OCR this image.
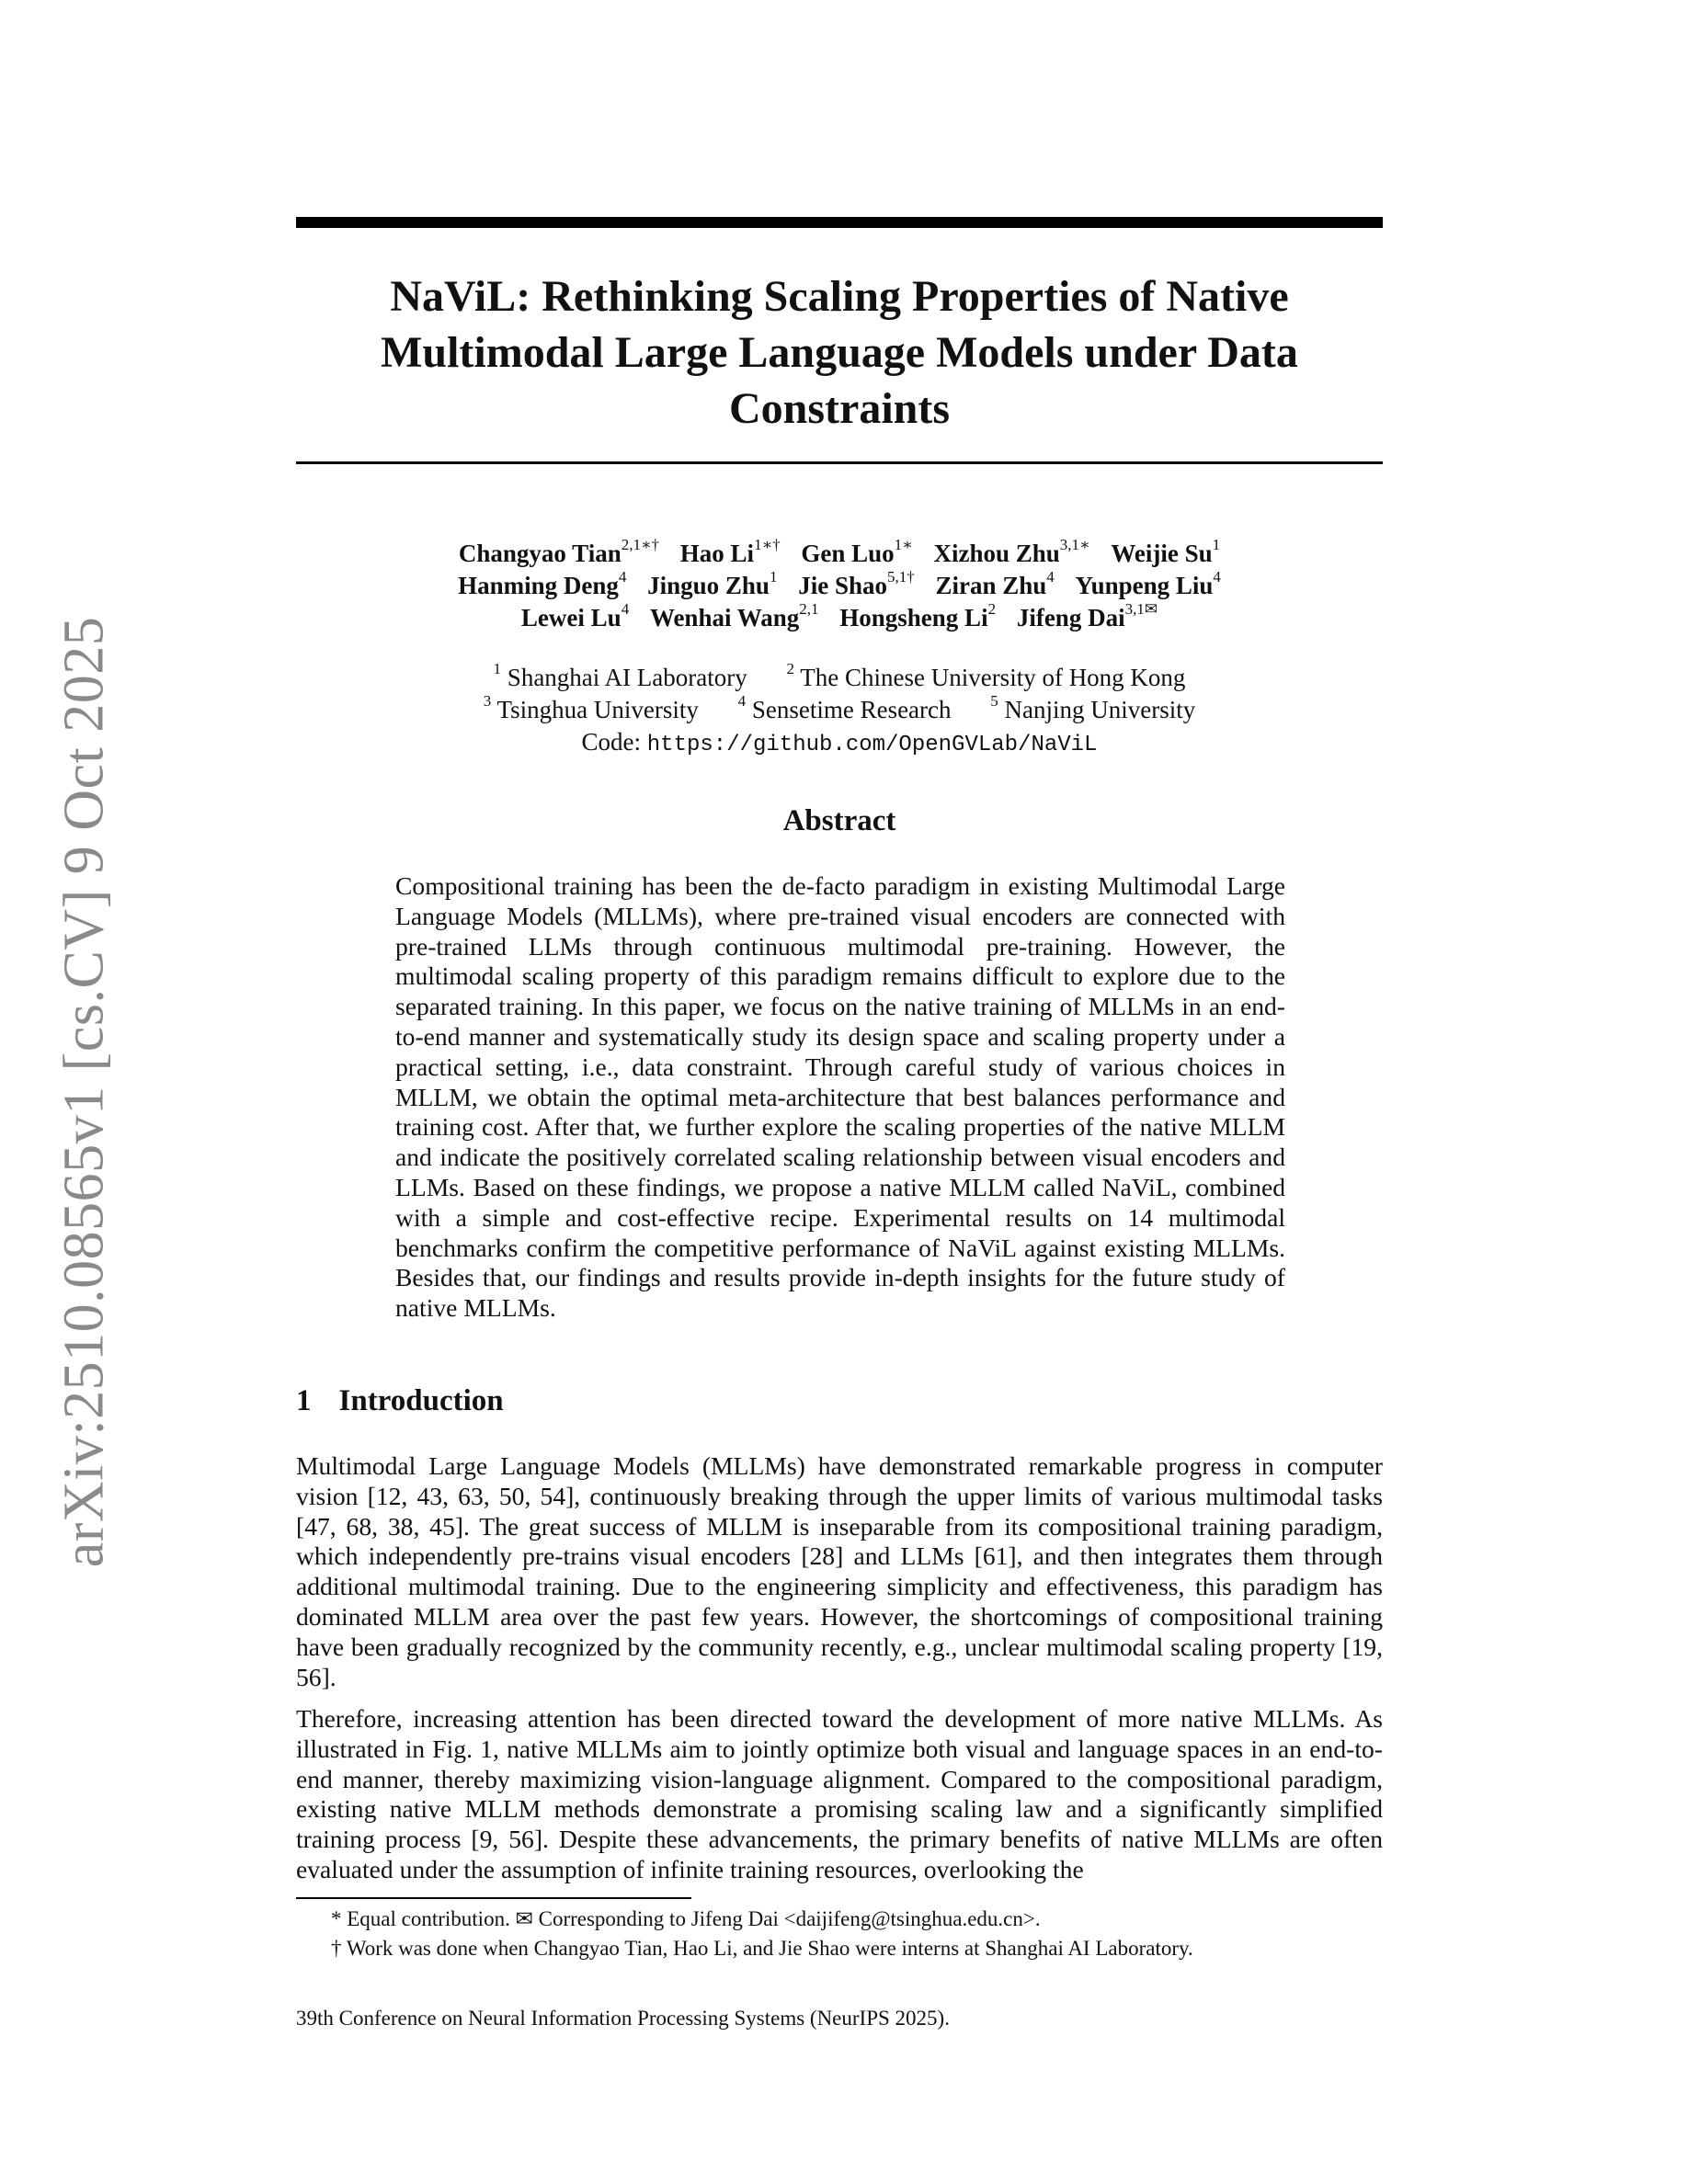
arXiv:2510.08565v1 [cs.CV] 9 Oct 2025
NaViL: Rethinking Scaling Properties of Native Multimodal Large Language Models under Data Constraints
Changyao Tian$^{2,1∗\dagger}$ Hao $Li^{1∗\dagger}$ Gen Luo$^{1∗}$ Xizhou Zhu$^{3,1∗}$ Weijie Su$^1$
Hanming Deng$^4$ Jinguo Zhu$^1$ Jie Shao$^{5,1\dagger}$ Ziran Zhu$^4$ Yunpeng Liu$^4$
Lewei Lu$^4$ Wenhai Wang$^{2,1}$ Hongsheng Li$^2$ Jifeng Dai$^{3,1✉}$
$^1$ Shanghai AI Laboratory	$^2$ The Chinese University of Hong Kong
$^3$ Tsinghua University	$^4$ Sensetime Research	$^5$ Nanjing University
Code: https://github.com/OpenGVLab/NaViL
Abstract

Compositional training has been the de-facto paradigm in existing Multimodal Large Language Models (MLLMs), where pre-trained visual encoders are connected with pre-trained LLMs through continuous multimodal pre-training. However, the multimodal scaling property of this paradigm remains difficult to explore due to the separated training. In this paper, we focus on the native training of MLLMs in an end-to-end manner and systematically study its design space and scaling property under a practical setting, i.e., data constraint. Through careful study of various choices in MLLM, we obtain the optimal meta-architecture that best balances performance and training cost. After that, we further explore the scaling properties of the native MLLM and indicate the positively correlated scaling relationship between visual encoders and LLMs. Based on these findings, we propose a native MLLM called NaViL, combined with a simple and cost-effective recipe. Experimental results on 14 multimodal benchmarks confirm the competitive performance of NaViL against existing MLLMs. Besides that, our findings and results provide in-depth insights for the future study of native MLLMs.

1 Introduction

Multimodal Large Language Models (MLLMs) have demonstrated remarkable progress in computer vision [12, 43, 63, 50, 54], continuously breaking through the upper limits of various multimodal tasks [47, 68, 38, 45]. The great success of MLLM is inseparable from its compositional training paradigm, which independently pre-trains visual encoders [28] and LLMs [61], and then integrates them through additional multimodal training. Due to the engineering simplicity and effectiveness, this paradigm has dominated MLLM area over the past few years. However, the shortcomings of compositional training have been gradually recognized by the community recently, e.g., unclear multimodal scaling property [19, 56].

Therefore, increasing attention has been directed toward the development of more native MLLMs. As illustrated in Fig. 1, native MLLMs aim to jointly optimize both visual and language spaces in an end-to-end manner, thereby maximizing vision-language alignment. Compared to the compositional paradigm, existing native MLLM methods demonstrate a promising scaling law and a significantly simplified training process [9, 56]. Despite these advancements, the primary benefits of native MLLMs are often evaluated under the assumption of infinite training resources, overlooking the

* Equal contribution. ✉ Corresponding to Jifeng Dai <daijifeng@tsinghua.edu.cn>.
† Work was done when Changyao Tian, Hao Li, and Jie Shao were interns at Shanghai AI Laboratory.
39th Conference on Neural Information Processing Systems (NeurIPS 2025).
